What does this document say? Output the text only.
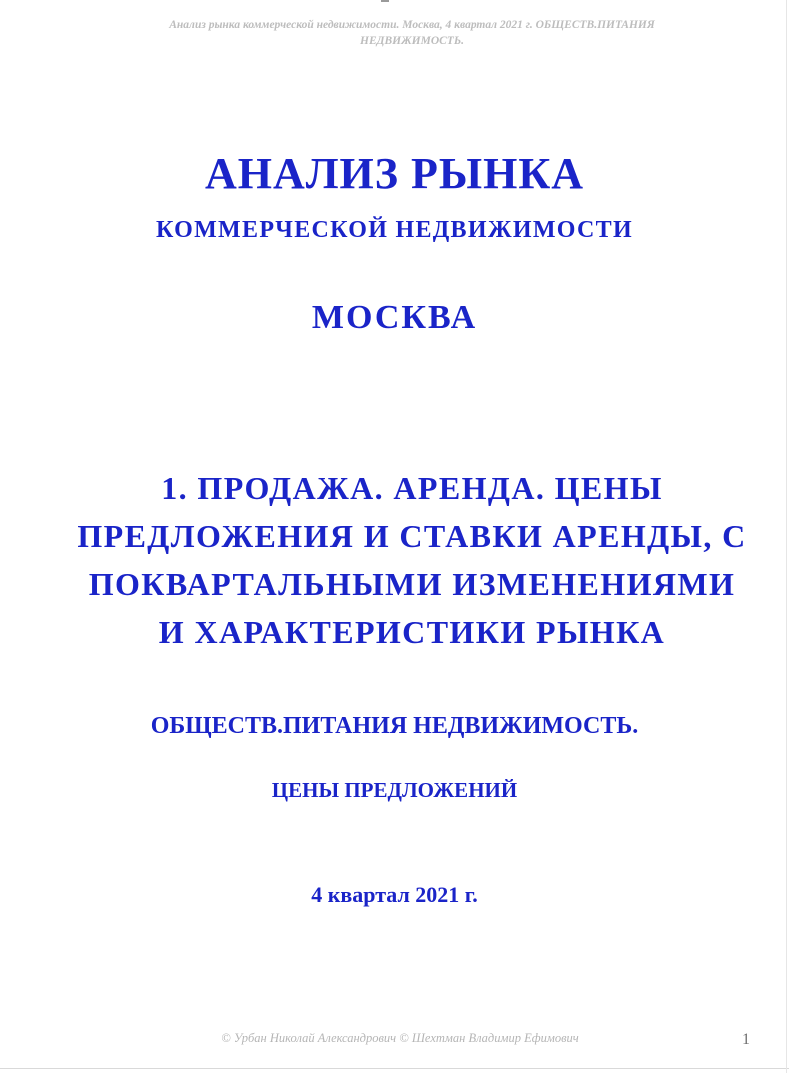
Анализ рынка коммерческой недвижимости. Москва, 4 квартал 2021 г. ОБЩЕСТВ.ПИТАНИЯ
НЕДВИЖИМОСТЬ.
АНАЛИЗ РЫНКА
КОММЕРЧЕСКОЙ НЕДВИЖИМОСТИ
МОСКВА
1. ПРОДАЖА. АРЕНДА. ЦЕНЫ
ПРЕДЛОЖЕНИЯ И СТАВКИ АРЕНДЫ, С
ПОКВАРТАЛЬНЫМИ ИЗМЕНЕНИЯМИ
И ХАРАКТЕРИСТИКИ РЫНКА
ОБЩЕСТВ.ПИТАНИЯ НЕДВИЖИМОСТЬ.
ЦЕНЫ ПРЕДЛОЖЕНИЙ
4 квартал 2021 г.
© Урбан Николай Александрович © Шехтман Владимир Ефимович	1
